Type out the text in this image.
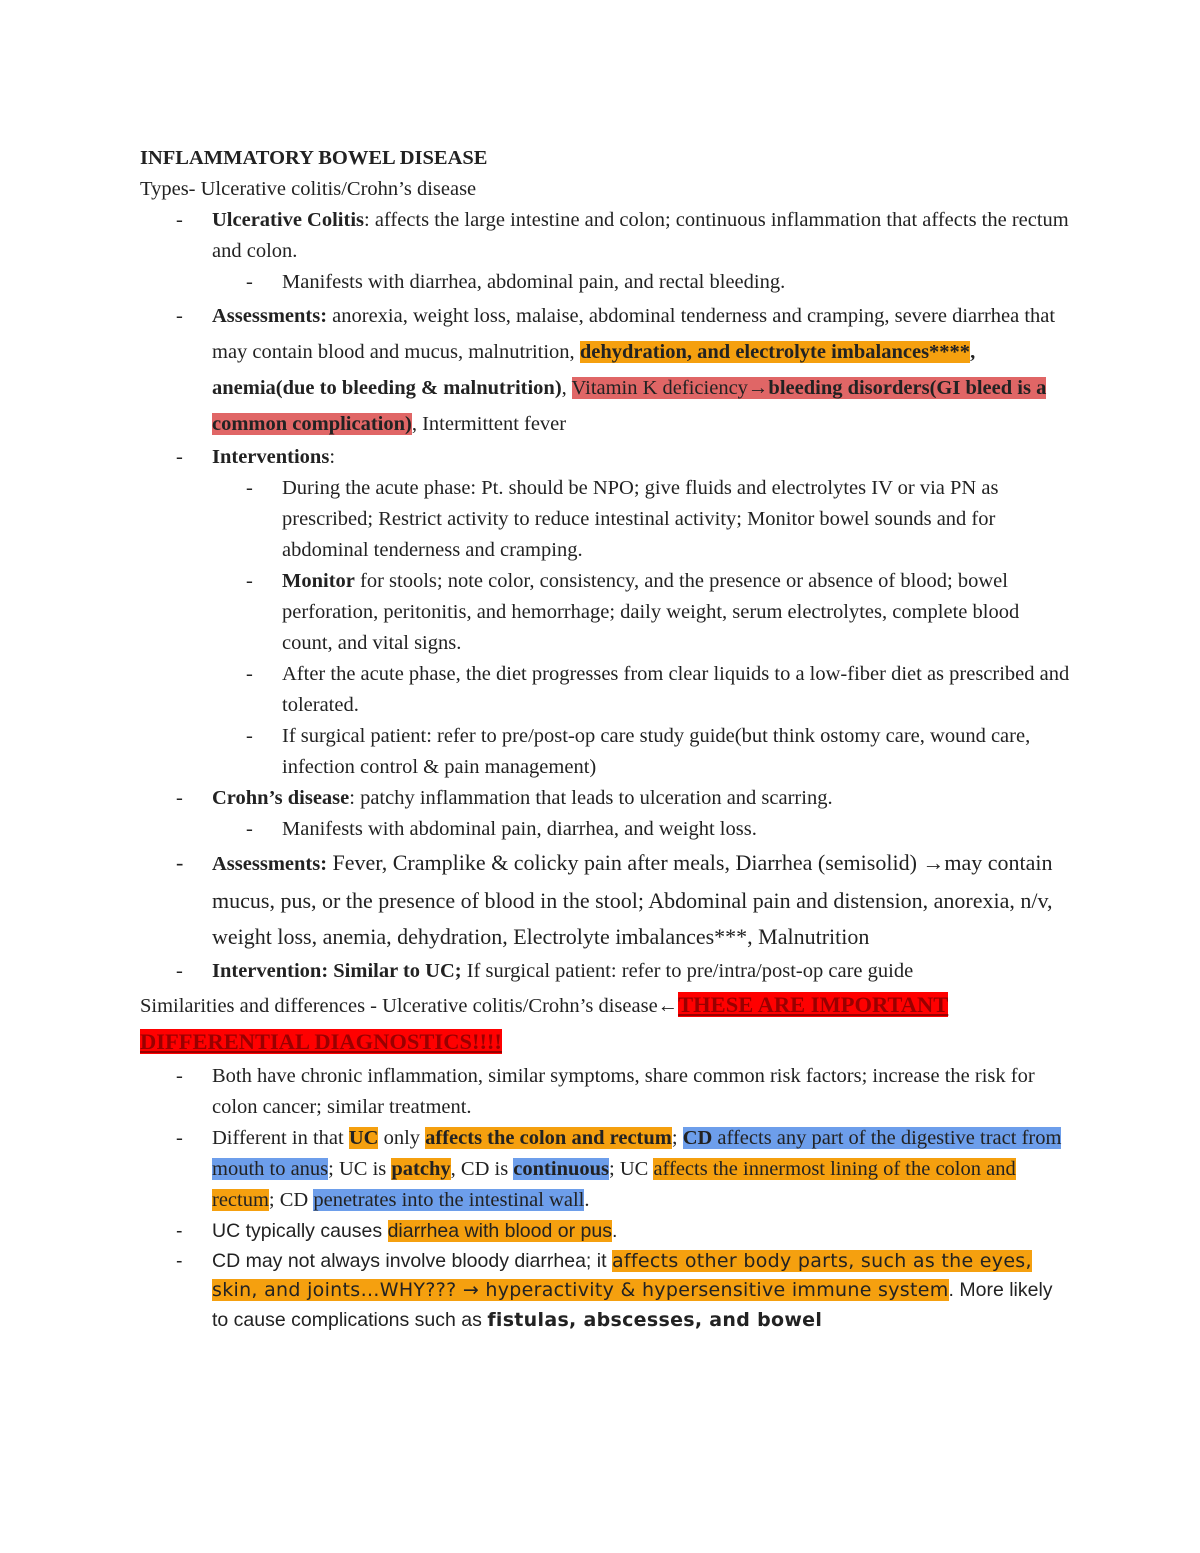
INFLAMMATORY BOWEL DISEASE

Types- Ulcerative colitis/Crohn’s disease

- Ulcerative Colitis: affects the large intestine and colon; continuous inflammation that affects the rectum and colon.

- Manifests with diarrhea, abdominal pain, and rectal bleeding.

- Assessments: anorexia, weight loss, malaise, abdominal tenderness and cramping, severe diarrhea that may contain blood and mucus, malnutrition, dehydration, and electrolyte imbalances****, anemia(due to bleeding & malnutrition), Vitamin K deficiency→bleeding disorders(GI bleed is a common complication), Intermittent fever

- Interventions:

- During the acute phase: Pt. should be NPO; give fluids and electrolytes IV or via PN as prescribed; Restrict activity to reduce intestinal activity; Monitor bowel sounds and for abdominal tenderness and cramping.

- Monitor for stools; note color, consistency, and the presence or absence of blood; bowel perforation, peritonitis, and hemorrhage; daily weight, serum electrolytes, complete blood count, and vital signs.

- After the acute phase, the diet progresses from clear liquids to a low-fiber diet as prescribed and tolerated.

- If surgical patient: refer to pre/post-op care study guide(but think ostomy care, wound care, infection control & pain management)

- Crohn’s disease: patchy inflammation that leads to ulceration and scarring.

- Manifests with abdominal pain, diarrhea, and weight loss.

- Assessments: Fever, Cramplike & colicky pain after meals, Diarrhea (semisolid) →may contain mucus, pus, or the presence of blood in the stool; Abdominal pain and distension, anorexia, n/v, weight loss, anemia, dehydration, Electrolyte imbalances***, Malnutrition

- Intervention: Similar to UC; If surgical patient: refer to pre/intra/post-op care guide

Similarities and differences - Ulcerative colitis/Crohn’s disease←THESE ARE IMPORTANT DIFFERENTIAL DIAGNOSTICS!!!!

- Both have chronic inflammation, similar symptoms, share common risk factors; increase the risk for colon cancer; similar treatment.

- Different in that UC only affects the colon and rectum; CD affects any part of the digestive tract from mouth to anus; UC is patchy, CD is continuous; UC affects the innermost lining of the colon and rectum; CD penetrates into the intestinal wall.

- UC typically causes diarrhea with blood or pus.

- CD may not always involve bloody diarrhea; it affects other body parts, such as the eyes, skin, and joints…WHY??? → hyperactivity & hypersensitive immune system. More likely to cause complications such as fistulas, abscesses, and bowel
